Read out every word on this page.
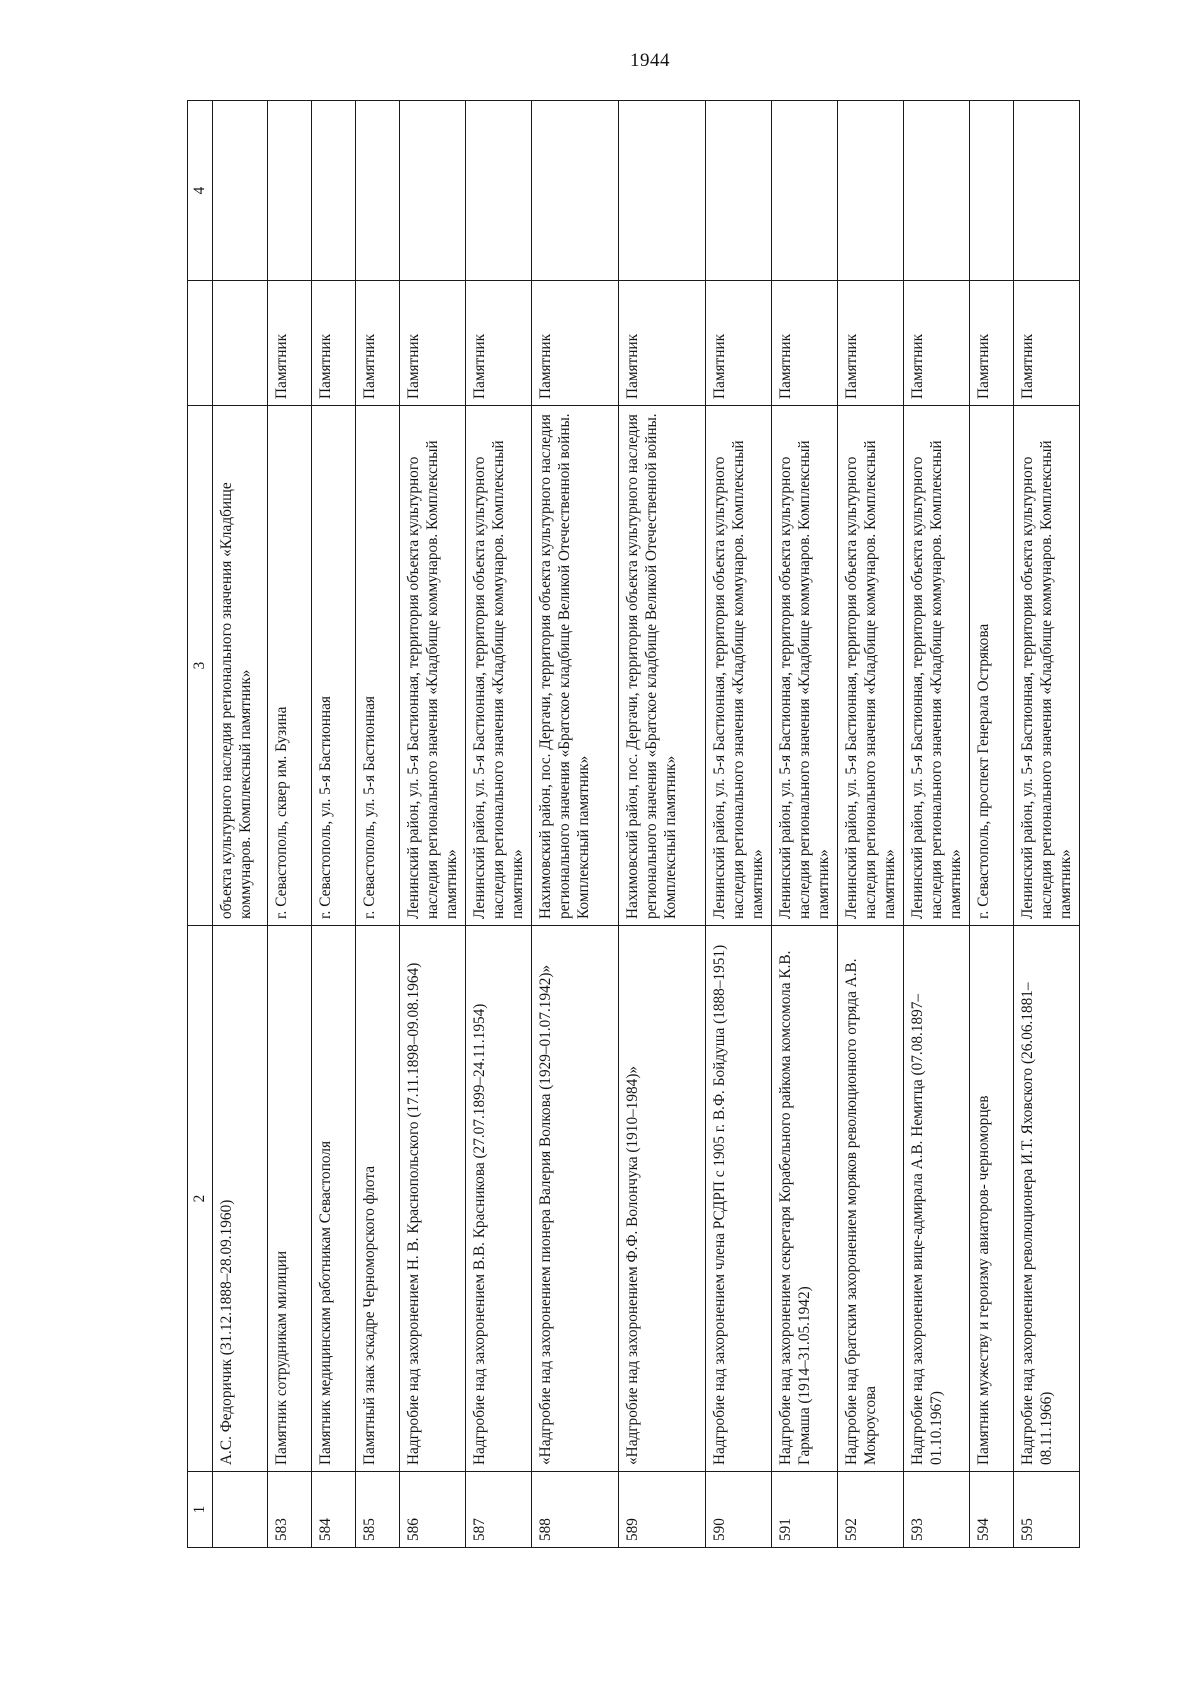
1944
1	2	3		4
	А.С. Федоричик (31.12.1888–28.09.1960)	объекта культурного наследия регионального значения «Кладбище коммунаров. Комплексный памятник»		
583	Памятник сотрудникам милиции	г. Севастополь, сквер им. Бузина	Памятник	
584	Памятник медицинским работникам Севастополя	г. Севастополь, ул. 5-я Бастионная	Памятник	
585	Памятный знак эскадре Черноморского флота	г. Севастополь, ул. 5-я Бастионная	Памятник	
586	Надгробие над захоронением Н. В. Краснопольского (17.11.1898–09.08.1964)	Ленинский район, ул. 5-я Бастионная, территория объекта культурного наследия регионального значения «Кладбище коммунаров. Комплексный памятник»	Памятник	
587	Надгробие над захоронением В.В. Красникова (27.07.1899–24.11.1954)	Ленинский район, ул. 5-я Бастионная, территория объекта культурного наследия регионального значения «Кладбище коммунаров. Комплексный памятник»	Памятник	
588	«Надгробие над захоронением пионера Валерия Волкова (1929–01.07.1942)»	Нахимовский район, пос. Дергачи, территория объекта культурного наследия регионального значения «Братское кладбище Великой Отечественной войны. Комплексный памятник»	Памятник	
589	«Надгробие над захоронением Ф.Ф. Волончука (1910–1984)»	Нахимовский район, пос. Дергачи, территория объекта культурного наследия регионального значения «Братское кладбище Великой Отечественной войны. Комплексный памятник»	Памятник	
590	Надгробие над захоронением члена РСДРП с 1905 г. В.Ф. Бойдуша (1888–1951)	Ленинский район, ул. 5-я Бастионная, территория объекта культурного наследия регионального значения «Кладбище коммунаров. Комплексный памятник»	Памятник	
591	Надгробие над захоронением секретаря Корабельного райкома комсомола К.В. Гармаша (1914–31.05.1942)	Ленинский район, ул. 5-я Бастионная, территория объекта культурного наследия регионального значения «Кладбище коммунаров. Комплексный памятник»	Памятник	
592	Надгробие над братским захоронением моряков революционного отряда А.В. Мокроусова	Ленинский район, ул. 5-я Бастионная, территория объекта культурного наследия регионального значения «Кладбище коммунаров. Комплексный памятник»	Памятник	
593	Надгробие над захоронением вице-адмирала А.В. Немитца (07.08.1897–01.10.1967)	Ленинский район, ул. 5-я Бастионная, территория объекта культурного наследия регионального значения «Кладбище коммунаров. Комплексный памятник»	Памятник	
594	Памятник мужеству и героизму авиаторов- черноморцев	г. Севастополь, проспект Генерала Острякова	Памятник	
595	Надгробие над захоронением революционера И.Т. Яховского (26.06.1881–08.11.1966)	Ленинский район, ул. 5-я Бастионная, территория объекта культурного наследия регионального значения «Кладбище коммунаров. Комплексный памятник»	Памятник	
